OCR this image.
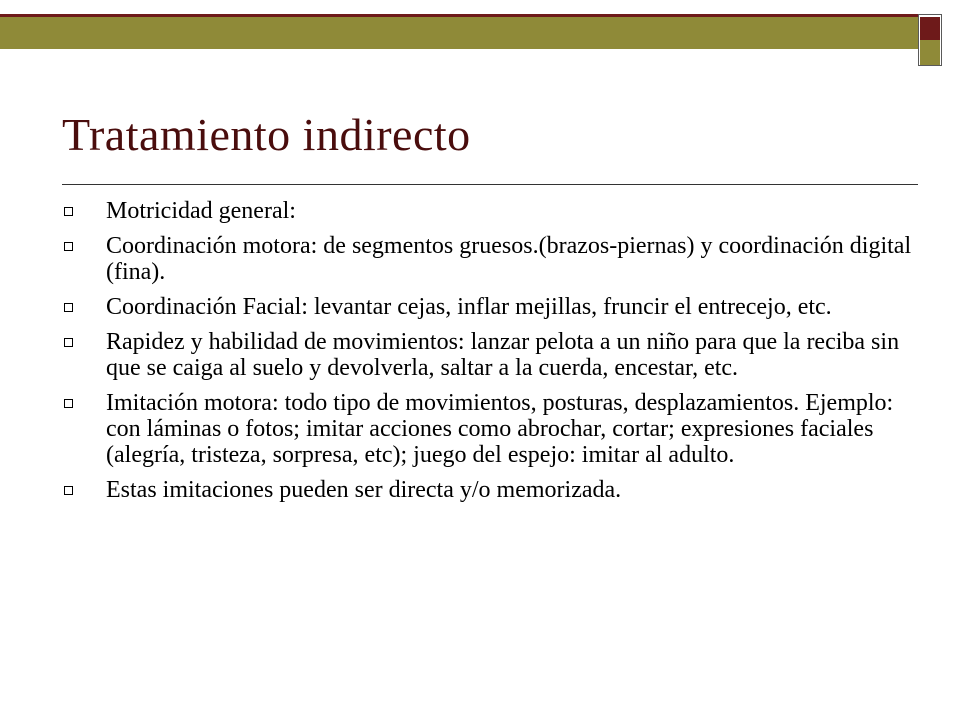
Tratamiento indirecto
Motricidad general:
Coordinación motora: de segmentos gruesos.(brazos-piernas) y coordinación digital (fina).
Coordinación Facial: levantar cejas, inflar mejillas, fruncir el entrecejo, etc.
Rapidez y habilidad de movimientos: lanzar pelota a un niño para que la reciba sin que se caiga al suelo y devolverla, saltar a la cuerda, encestar, etc.
Imitación motora: todo tipo de movimientos, posturas, desplazamientos. Ejemplo: con láminas o fotos; imitar acciones como abrochar, cortar; expresiones faciales (alegría, tristeza, sorpresa, etc); juego del espejo: imitar al adulto.
Estas imitaciones pueden ser directa y/o memorizada.
